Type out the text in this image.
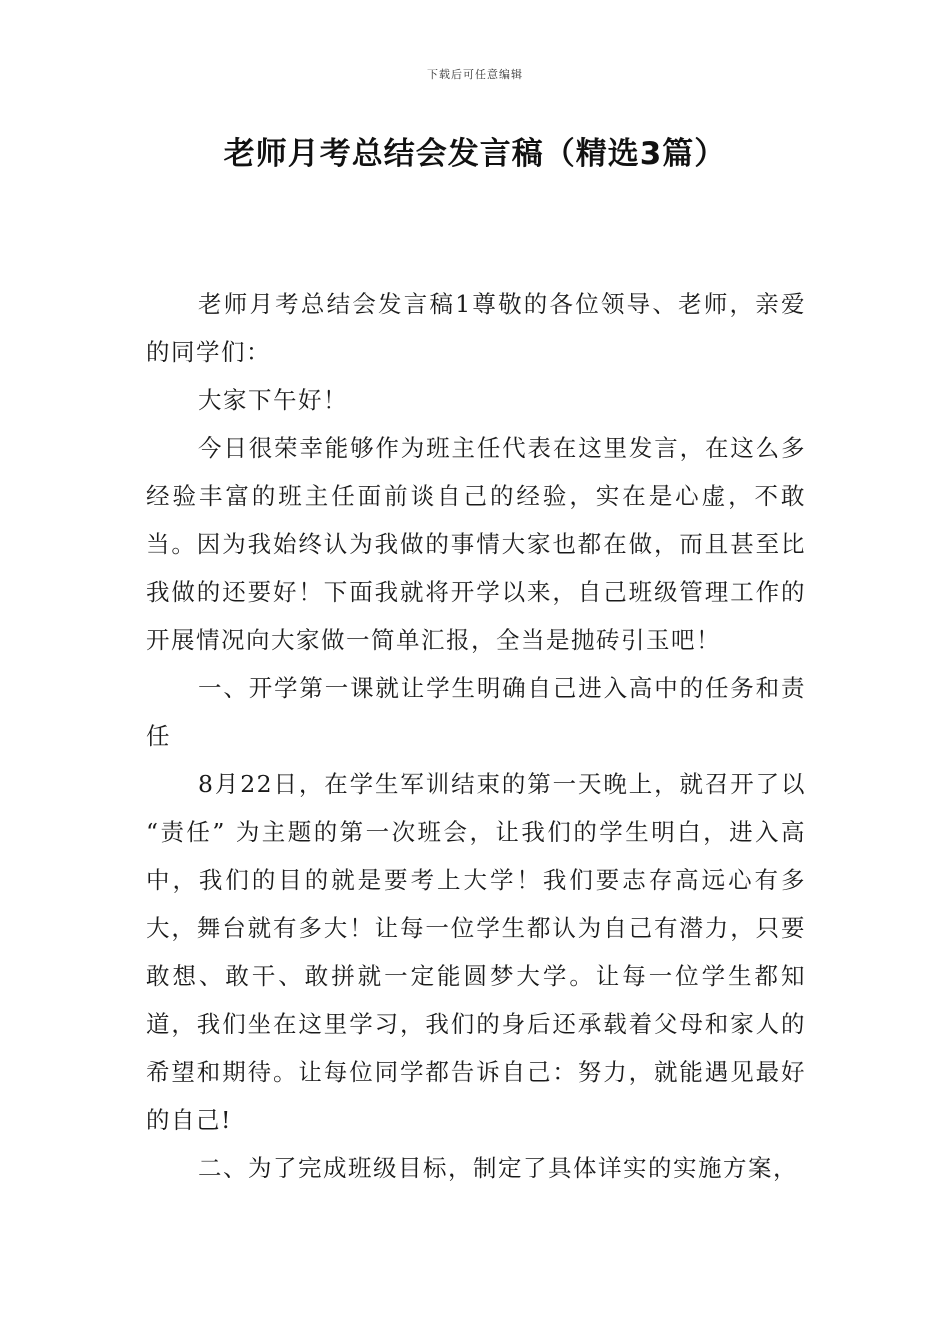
下载后可任意编辑
老师月考总结会发言稿（精选3篇）

老师月考总结会发言稿1尊敬的各位领导、老师，亲爱的同学们：

大家下午好！

今日很荣幸能够作为班主任代表在这里发言，在这么多经验丰富的班主任面前谈自己的经验，实在是心虚，不敢当。因为我始终认为我做的事情大家也都在做，而且甚至比我做的还要好！下面我就将开学以来，自己班级管理工作的开展情况向大家做一简单汇报，全当是抛砖引玉吧！

一、开学第一课就让学生明确自己进入高中的任务和责任

8月22日，在学生军训结束的第一天晚上，就召开了以 “责任” 为主题的第一次班会，让我们的学生明白，进入高中，我们的目的就是要考上大学！我们要志存高远心有多大，舞台就有多大！让每一位学生都认为自己有潜力，只要敢想、敢干、敢拼就一定能圆梦大学。让每一位学生都知道，我们坐在这里学习，我们的身后还承载着父母和家人的希望和期待。让每位同学都告诉自己：努力，就能遇见最好的自己!

二、为了完成班级目标，制定了具体详实的实施方案，
